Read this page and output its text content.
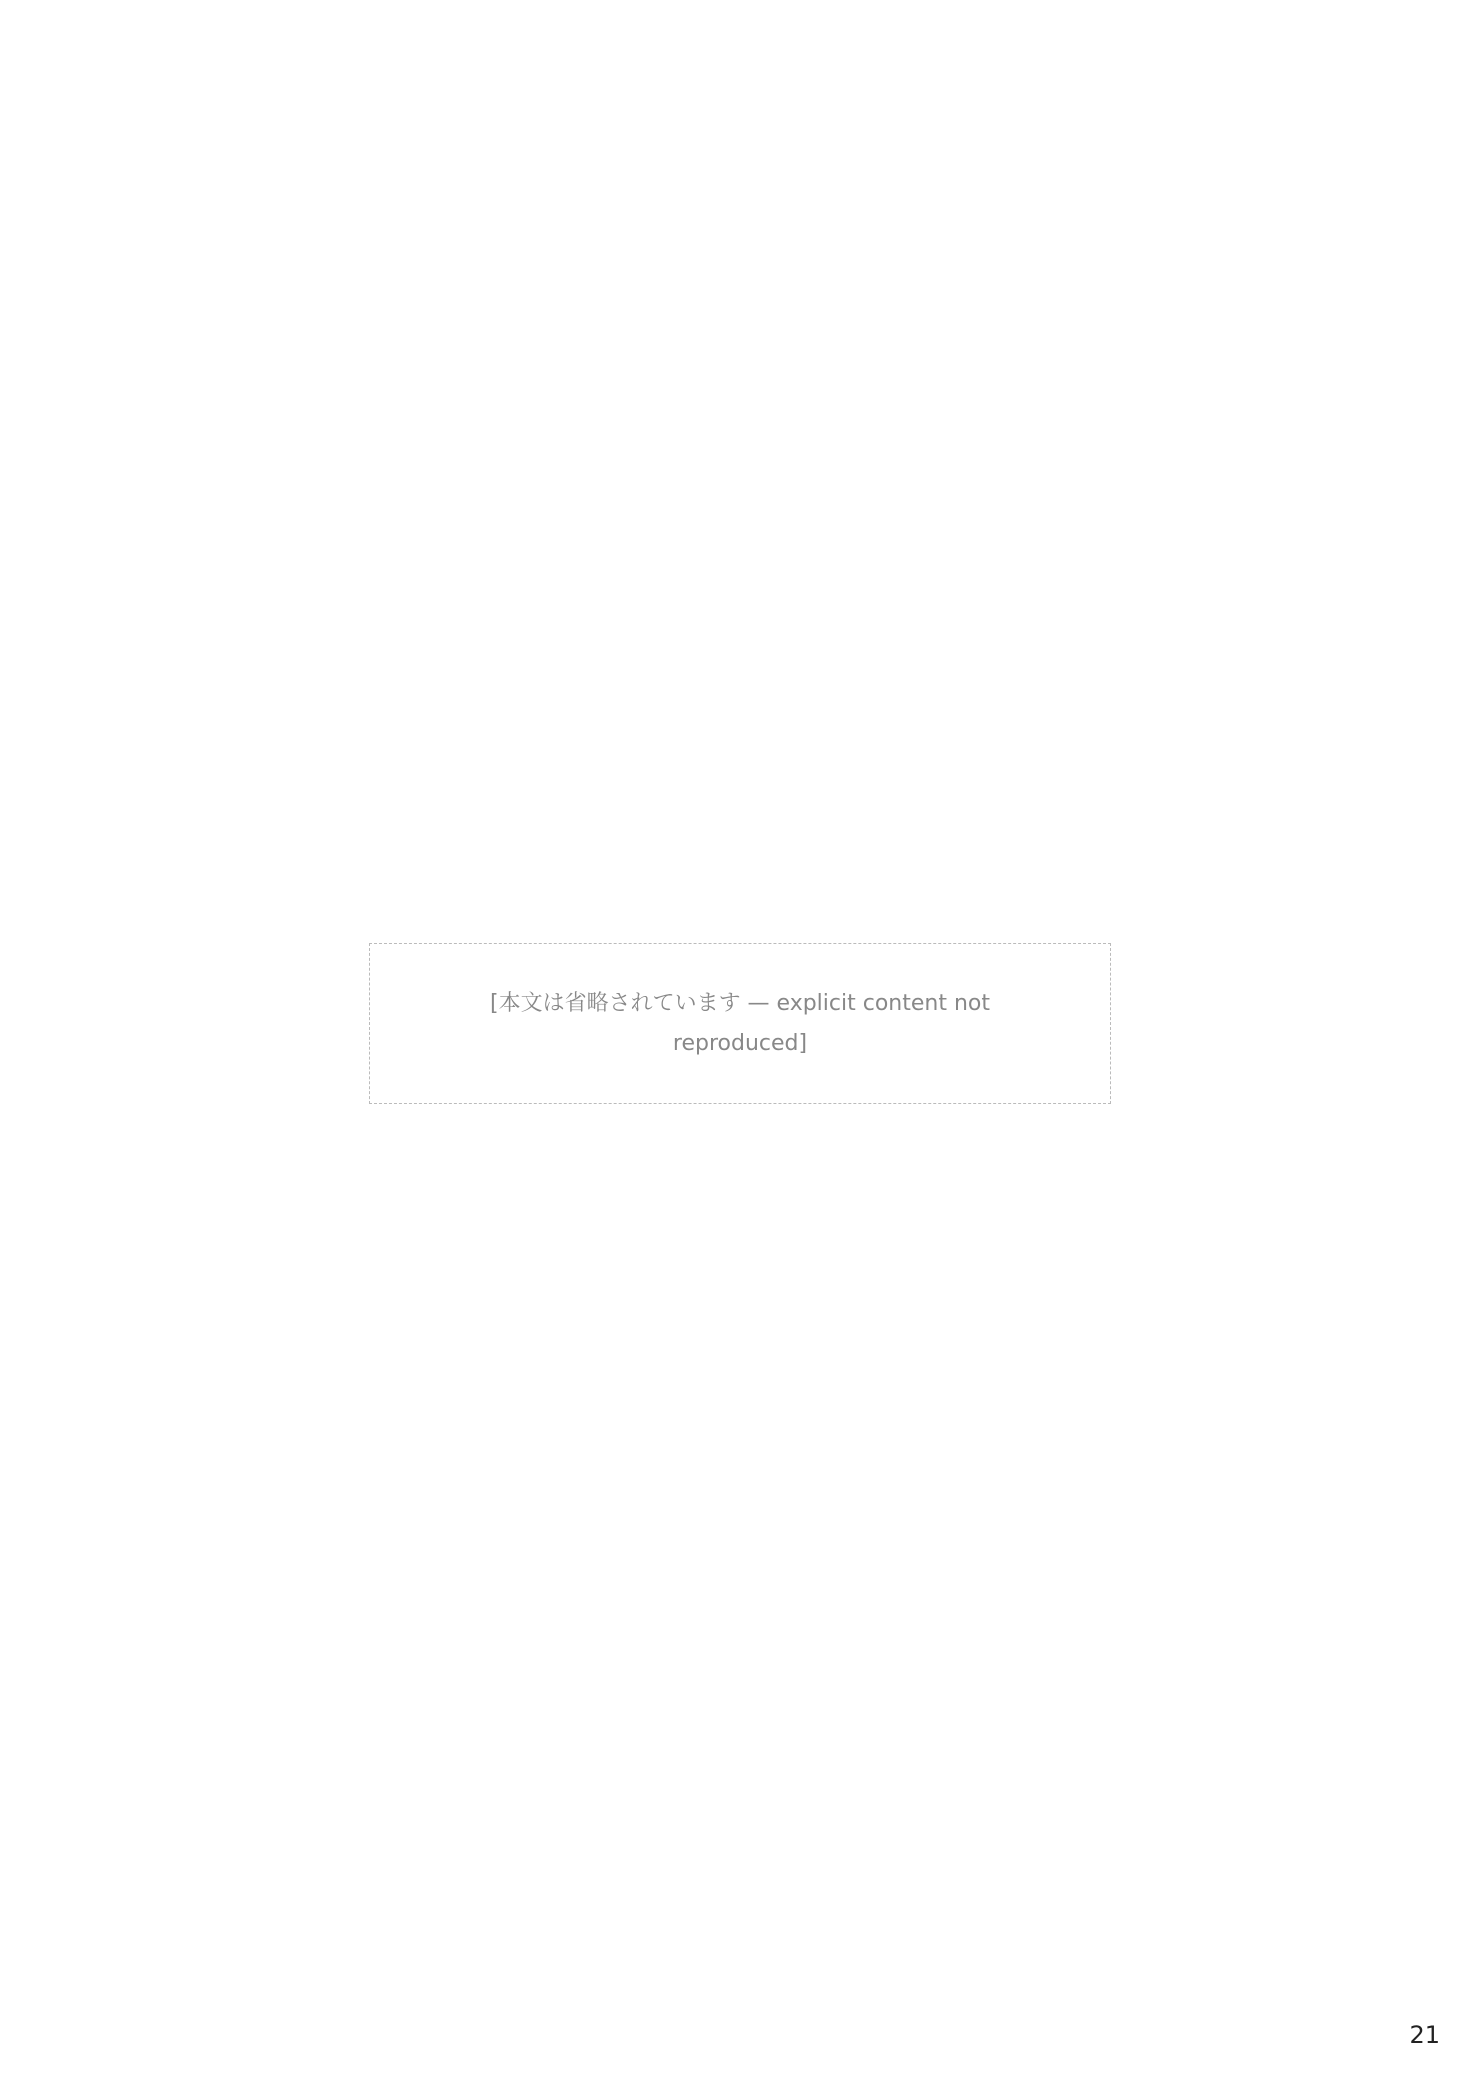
[本文は省略されています — explicit content not reproduced]
21
